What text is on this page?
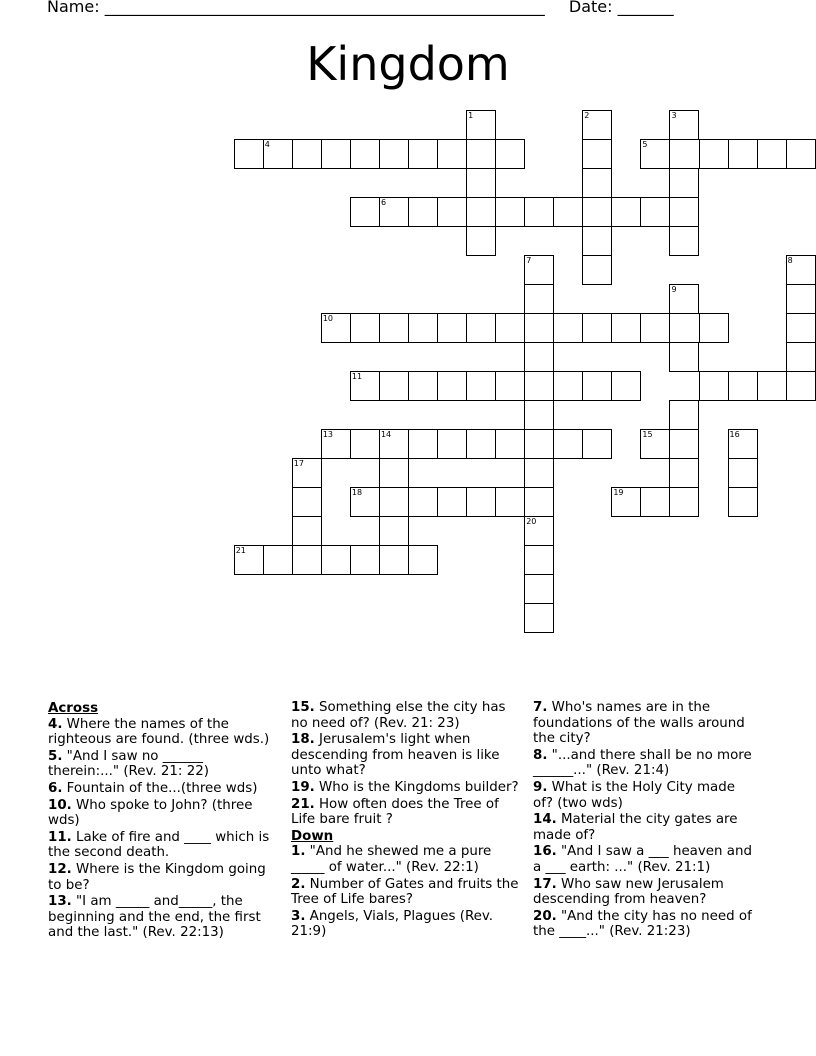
Name: _______________________________________________________ Date: _______
Kingdom
4
1	2	3
5
6
7
20
8
9
10
11
13	14	15	16
17
18	19
21
Across
4. Where the names of the righteous are found. (three wds.)
5. "And I saw no ______ therein:..." (Rev. 21: 22)
6. Fountain of the...(three wds)
10. Who spoke to John? (three wds)
11. Lake of fire and ____ which is the second death.
12. Where is the Kingdom going to be?
13. "I am _____ and_____, the beginning and the end, the first and the last." (Rev. 22:13)
15. Something else the city has no need of? (Rev. 21: 23)
18. Jerusalem's light when descending from heaven is like unto what?
19. Who is the Kingdoms builder?
21. How often does the Tree of Life bare fruit ?
Down
1. "And he shewed me a pure _____ of water..." (Rev. 22:1)
2. Number of Gates and fruits the Tree of Life bares?
3. Angels, Vials, Plagues (Rev. 21:9)
7. Who's names are in the foundations of the walls around the city?
8. "...and there shall be no more ______..." (Rev. 21:4)
9. What is the Holy City made of? (two wds)
14. Material the city gates are made of?
16. "And I saw a ___ heaven and a ___ earth: ..." (Rev. 21:1)
17. Who saw new Jerusalem descending from heaven?
20. "And the city has no need of the ____..." (Rev. 21:23)
